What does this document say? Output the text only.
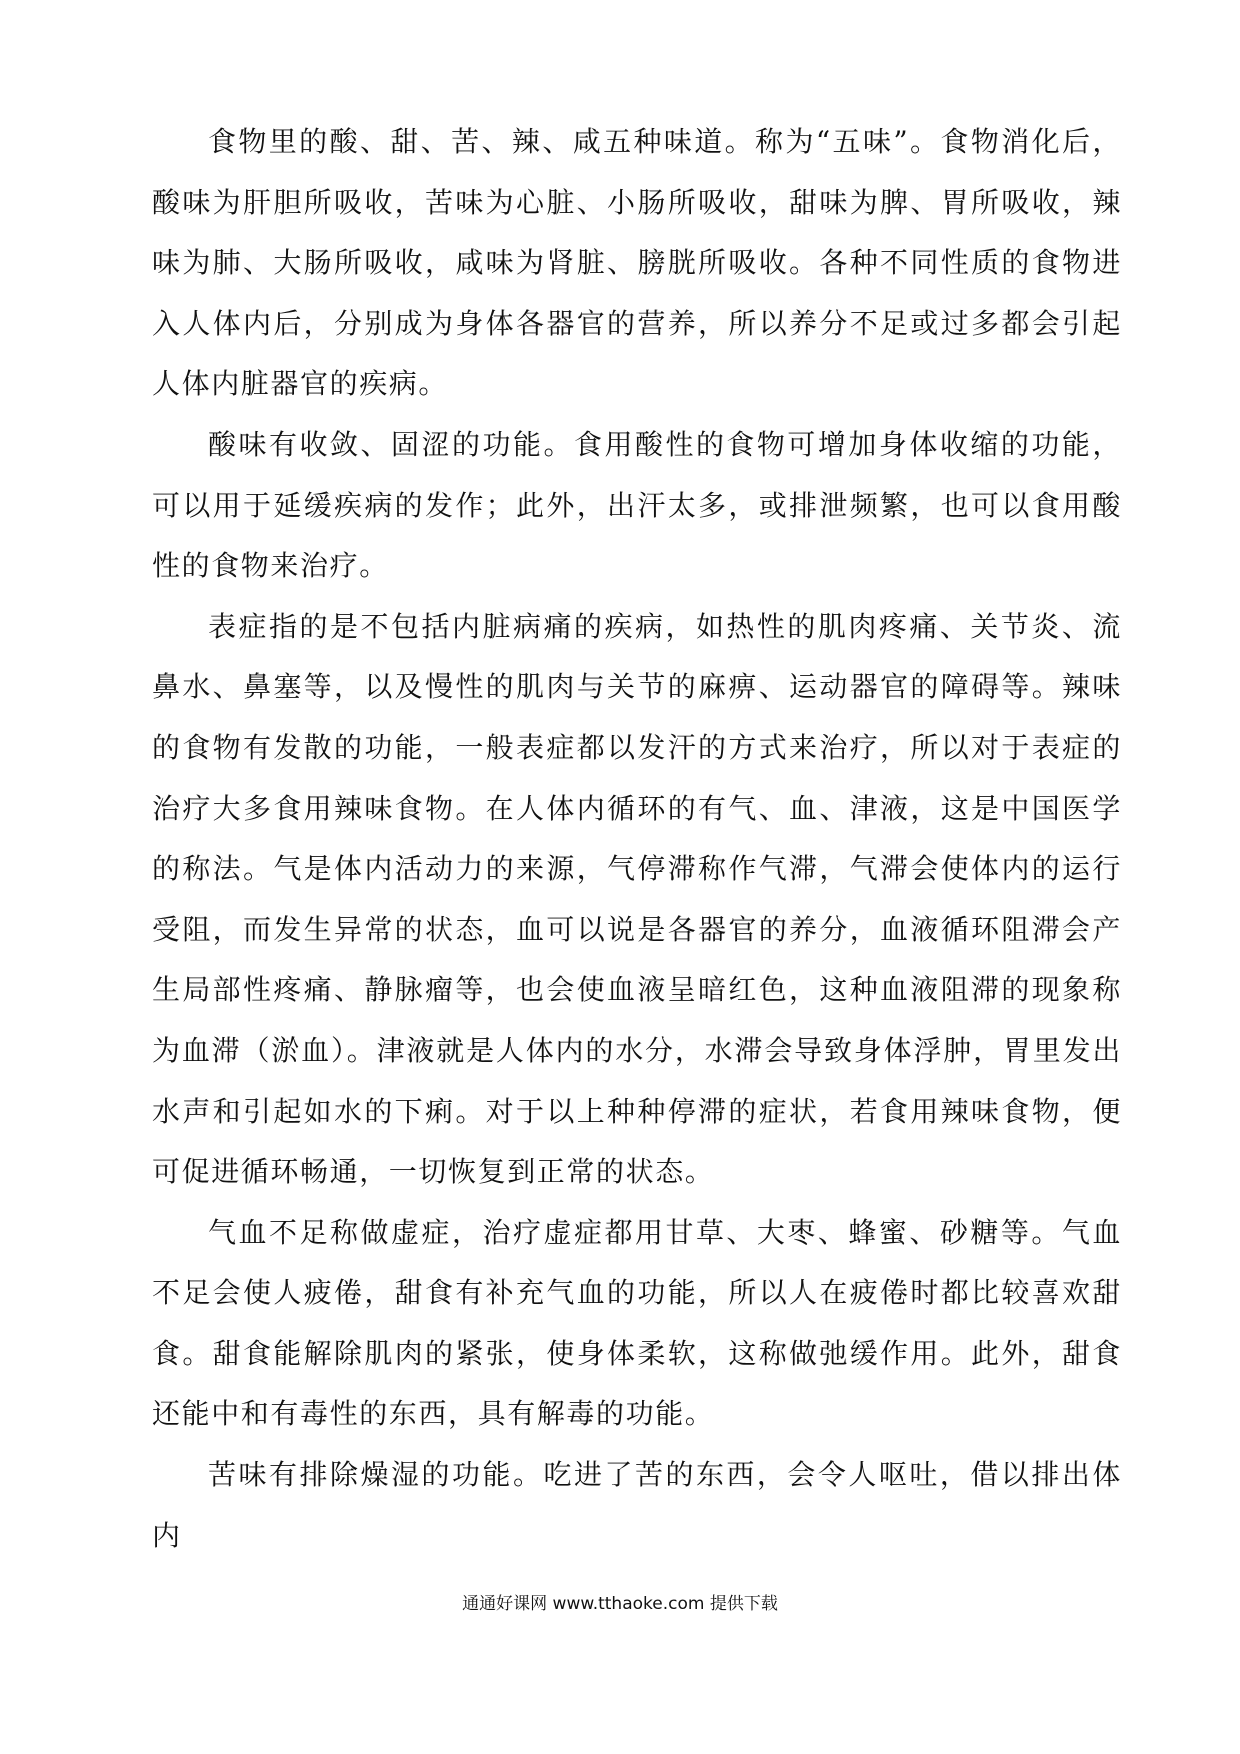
食物里的酸、甜、苦、辣、咸五种味道。称为“五味”。食物消化后，酸味为肝胆所吸收，苦味为心脏、小肠所吸收，甜味为脾、胃所吸收，辣味为肺、大肠所吸收，咸味为肾脏、膀胱所吸收。各种不同性质的食物进入人体内后，分别成为身体各器官的营养，所以养分不足或过多都会引起人体内脏器官的疾病。

酸味有收敛、固涩的功能。食用酸性的食物可增加身体收缩的功能，可以用于延缓疾病的发作；此外，出汗太多，或排泄频繁，也可以食用酸性的食物来治疗。

表症指的是不包括内脏病痛的疾病，如热性的肌肉疼痛、关节炎、流鼻水、鼻塞等，以及慢性的肌肉与关节的麻痹、运动器官的障碍等。辣味的食物有发散的功能，一般表症都以发汗的方式来治疗，所以对于表症的治疗大多食用辣味食物。在人体内循环的有气、血、津液，这是中国医学的称法。气是体内活动力的来源，气停滞称作气滞，气滞会使体内的运行受阻，而发生异常的状态，血可以说是各器官的养分，血液循环阻滞会产生局部性疼痛、静脉瘤等，也会使血液呈暗红色，这种血液阻滞的现象称为血滞（淤血）。津液就是人体内的水分，水滞会导致身体浮肿，胃里发出水声和引起如水的下痢。对于以上种种停滞的症状，若食用辣味食物，便可促进循环畅通，一切恢复到正常的状态。

气血不足称做虚症，治疗虚症都用甘草、大枣、蜂蜜、砂糖等。气血不足会使人疲倦，甜食有补充气血的功能，所以人在疲倦时都比较喜欢甜食。甜食能解除肌肉的紧张，使身体柔软，这称做弛缓作用。此外，甜食还能中和有毒性的东西，具有解毒的功能。

苦味有排除燥湿的功能。吃进了苦的东西，会令人呕吐，借以排出体内

通通好课网 www.tthaoke.com 提供下载
